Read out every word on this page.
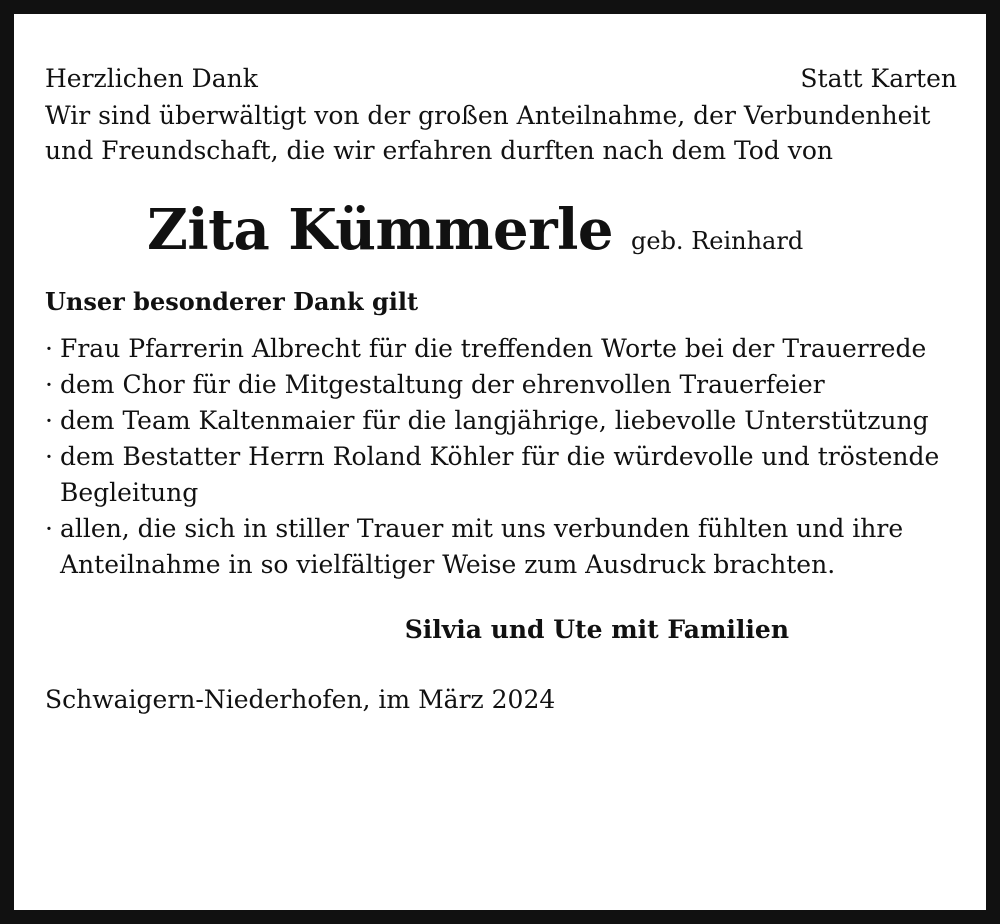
Herzlichen Dank	Statt Karten
Wir sind überwältigt von der großen Anteilnahme, der Verbundenheit und Freundschaft, die wir erfahren durften nach dem Tod von
Zita Kümmerle geb. Reinhard
Unser besonderer Dank gilt
· Frau Pfarrerin Albrecht für die treffenden Worte bei der Trauerrede
· dem Chor für die Mitgestaltung der ehrenvollen Trauerfeier
· dem Team Kaltenmaier für die langjährige, liebevolle Unterstützung
· dem Bestatter Herrn Roland Köhler für die würdevolle und tröstende Begleitung
· allen, die sich in stiller Trauer mit uns verbunden fühlten und ihre Anteilnahme in so vielfältiger Weise zum Ausdruck brachten.
Silvia und Ute mit Familien
Schwaigern-Niederhofen, im März 2024
